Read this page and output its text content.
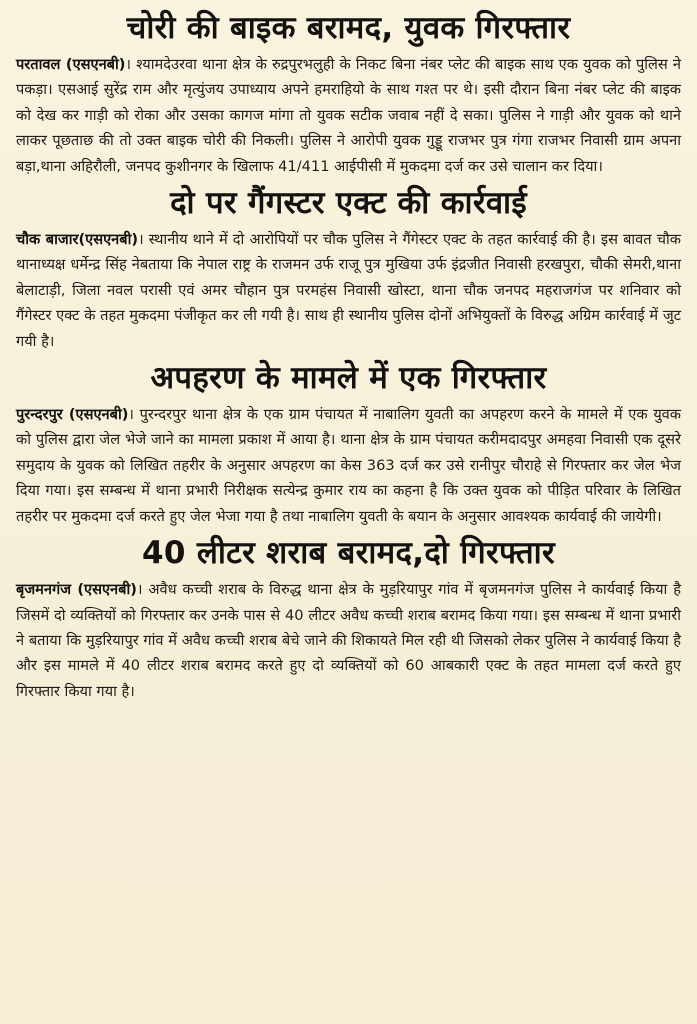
चोरी की बाइक बरामद, युवक गिरफ्तार

परतावल (एसएनबी)। श्यामदेउरवा थाना क्षेत्र के रुद्रपुरभलुही के निकट बिना नंबर प्लेट की बाइक साथ एक युवक को पुलिस ने पकड़ा। एसआई सुरेंद्र राम और मृत्युंजय उपाध्याय अपने हमराहियो के साथ गश्त पर थे। इसी दौरान बिना नंबर प्लेट की बाइक को देख कर गाड़ी को रोका और उसका कागज मांगा तो युवक सटीक जवाब नहीं दे सका। पुलिस ने गाड़ी और युवक को थाने लाकर पूछताछ की तो उक्त बाइक चोरी की निकली। पुलिस ने आरोपी युवक गुड्डू राजभर पुत्र गंगा राजभर निवासी ग्राम अपना बड़ा,थाना अहिरौली, जनपद कुशीनगर के खिलाफ 41/411 आईपीसी में मुकदमा दर्ज कर उसे चालान कर दिया।

दो पर गैंगस्टर एक्ट की कार्रवाई

चौक बाजार(एसएनबी)। स्थानीय थाने में दो आरोपियों पर चौक पुलिस ने गैंगेस्टर एक्ट के तहत कार्रवाई की है। इस बावत चौक थानाध्यक्ष धर्मेन्द्र सिंह नेबताया कि नेपाल राष्ट्र के राजमन उर्फ राजू पुत्र मुखिया उर्फ इंद्रजीत निवासी हरखपुरा, चौकी सेमरी,थाना बेलाटाड़ी, जिला नवल परासी एवं अमर चौहान पुत्र परमहंस निवासी खोस्टा, थाना चौक जनपद महराजगंज पर शनिवार को गैंगेस्टर एक्ट के तहत मुकदमा पंजीकृत कर ली गयी है। साथ ही स्थानीय पुलिस दोनों अभियुक्तों के विरुद्ध अग्रिम कार्रवाई में जुट गयी है।

अपहरण के मामले में एक गिरफ्तार

पुरन्दरपुर (एसएनबी)। पुरन्दरपुर थाना क्षेत्र के एक ग्राम पंचायत में नाबालिग युवती का अपहरण करने के मामले में एक युवक को पुलिस द्वारा जेल भेजे जाने का मामला प्रकाश में आया है। थाना क्षेत्र के ग्राम पंचायत करीमदादपुर अमहवा निवासी एक दूसरे समुदाय के युवक को लिखित तहरीर के अनुसार अपहरण का केस 363 दर्ज कर उसे रानीपुर चौराहे से गिरफ्तार कर जेल भेज दिया गया। इस सम्बन्ध में थाना प्रभारी निरीक्षक सत्येन्द्र कुमार राय का कहना है कि उक्त युवक को पीड़ित परिवार के लिखित तहरीर पर मुकदमा दर्ज करते हुए जेल भेजा गया है तथा नाबालिग युवती के बयान के अनुसार आवश्यक कार्यवाई की जायेगी।

40 लीटर शराब बरामद,दो गिरफ्तार

बृजमनगंज (एसएनबी)। अवैध कच्ची शराब के विरुद्ध थाना क्षेत्र के मुड़रियापुर गांव में बृजमनगंज पुलिस ने कार्यवाई किया है जिसमें दो व्यक्तियों को गिरफ्तार कर उनके पास से 40 लीटर अवैध कच्ची शराब बरामद किया गया। इस सम्बन्ध में थाना प्रभारी ने बताया कि मुड़रियापुर गांव में अवैध कच्ची शराब बेचे जाने की शिकायते मिल रही थी जिसको लेकर पुलिस ने कार्यवाई किया है और इस मामले में 40 लीटर शराब बरामद करते हुए दो व्यक्तियों को 60 आबकारी एक्ट के तहत मामला दर्ज करते हुए गिरफ्तार किया गया है।
